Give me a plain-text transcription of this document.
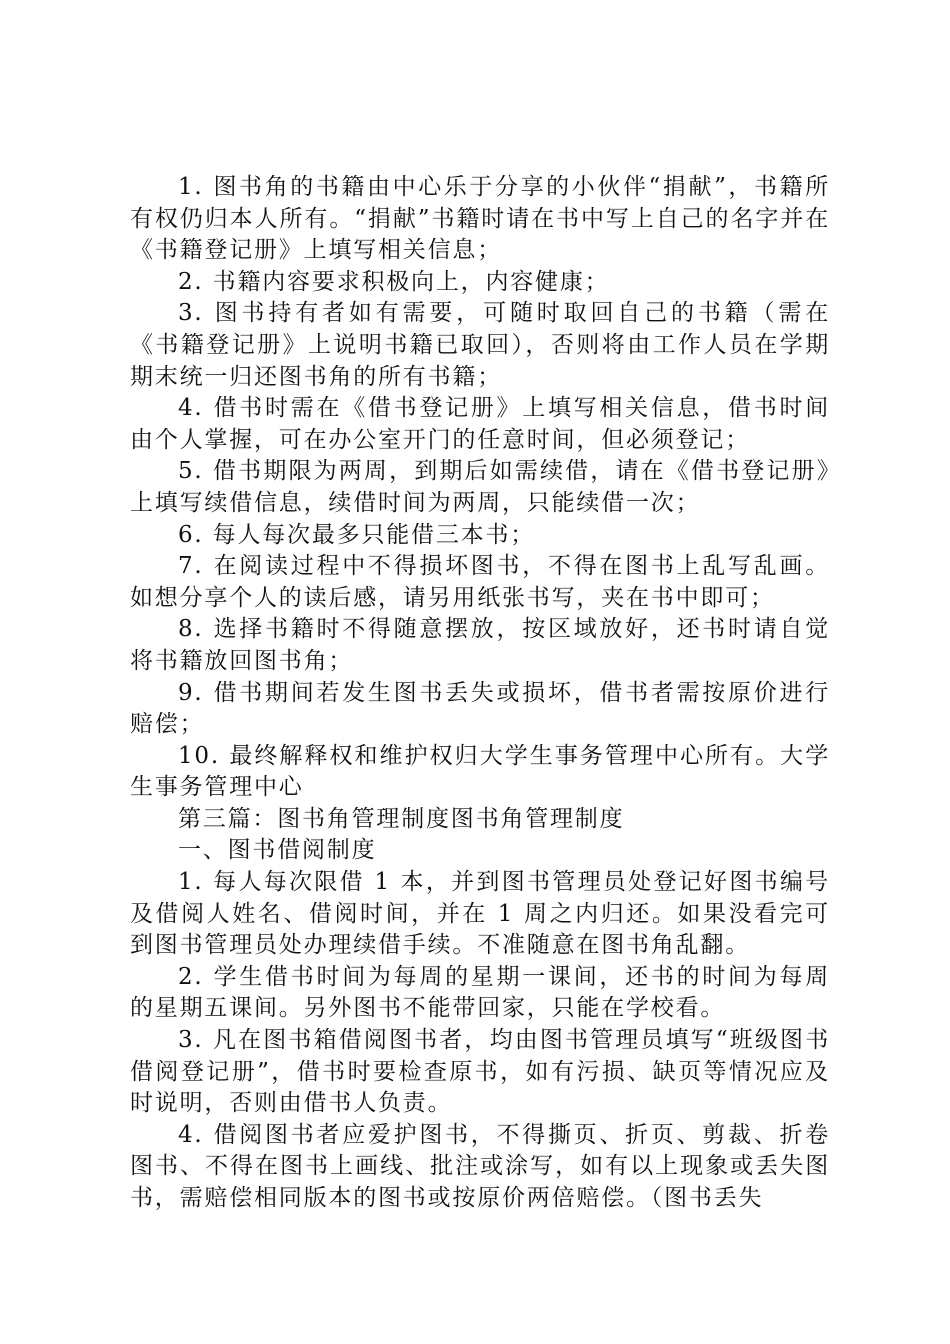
1. 图书角的书籍由中心乐于分享的小伙伴“捐献”，书籍所有权仍归本人所有。“捐献”书籍时请在书中写上自己的名字并在《书籍登记册》上填写相关信息；

2. 书籍内容要求积极向上，内容健康；

3. 图书持有者如有需要，可随时取回自己的书籍（需在《书籍登记册》上说明书籍已取回），否则将由工作人员在学期期末统一归还图书角的所有书籍；

4. 借书时需在《借书登记册》上填写相关信息，借书时间由个人掌握，可在办公室开门的任意时间，但必须登记；

5. 借书期限为两周，到期后如需续借，请在《借书登记册》上填写续借信息，续借时间为两周，只能续借一次；

6. 每人每次最多只能借三本书；

7. 在阅读过程中不得损坏图书，不得在图书上乱写乱画。如想分享个人的读后感，请另用纸张书写，夹在书中即可；

8. 选择书籍时不得随意摆放，按区域放好，还书时请自觉将书籍放回图书角；

9. 借书期间若发生图书丢失或损坏，借书者需按原价进行赔偿；

10. 最终解释权和维护权归大学生事务管理中心所有。大学生事务管理中心

第三篇：图书角管理制度图书角管理制度

一、图书借阅制度

1. 每人每次限借 1 本，并到图书管理员处登记好图书编号及借阅人姓名、借阅时间，并在 1 周之内归还。如果没看完可到图书管理员处办理续借手续。不准随意在图书角乱翻。

2. 学生借书时间为每周的星期一课间，还书的时间为每周的星期五课间。另外图书不能带回家，只能在学校看。

3. 凡在图书箱借阅图书者，均由图书管理员填写“班级图书借阅登记册”，借书时要检查原书，如有污损、缺页等情况应及时说明，否则由借书人负责。

4. 借阅图书者应爱护图书，不得撕页、折页、剪裁、折卷图书、不得在图书上画线、批注或涂写，如有以上现象或丢失图书，需赔偿相同版本的图书或按原价两倍赔偿。（图书丢失
